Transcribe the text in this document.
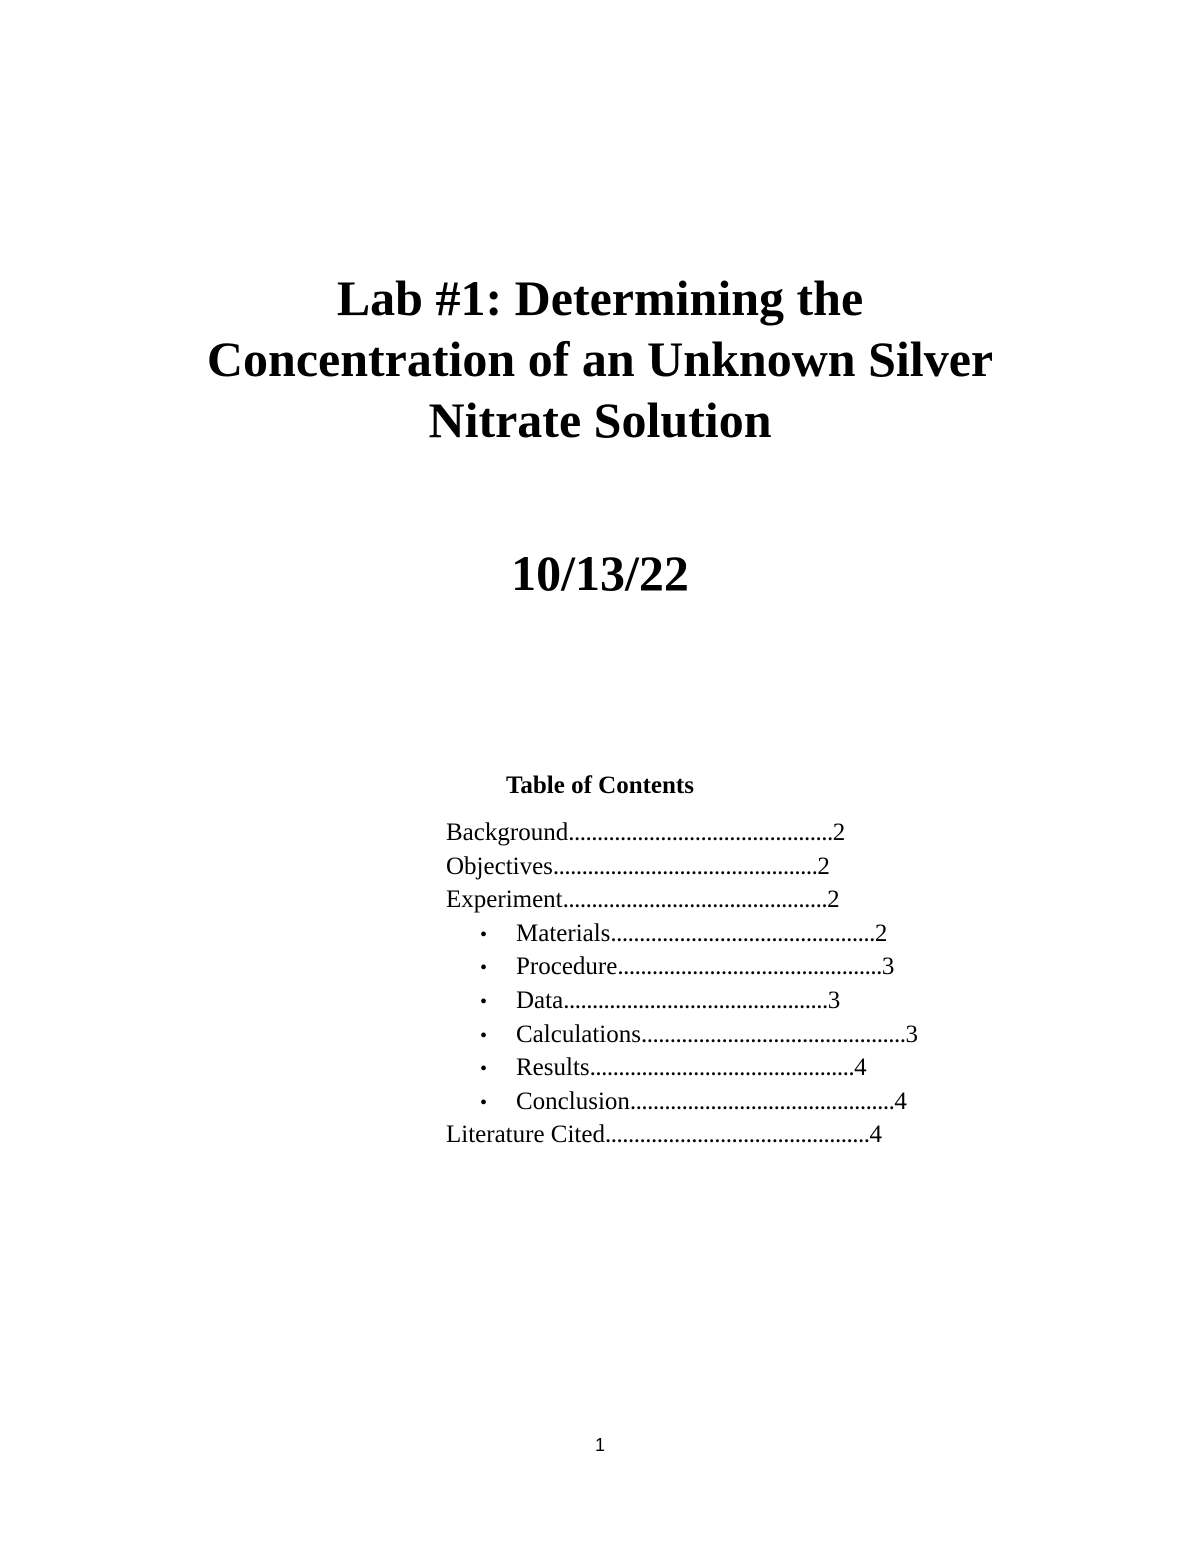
Lab #1: Determining the
Concentration of an Unknown Silver
Nitrate Solution
10/13/22
Table of Contents
Background .............................................. 2
Objectives .............................................. 2
Experiment .............................................. 2
•	Materials .............................................. 2
•	Procedure .............................................. 3
•	Data .............................................. 3
•	Calculations .............................................. 3
•	Results .............................................. 4
•	Conclusion .............................................. 4
Literature Cited .............................................. 4
1
